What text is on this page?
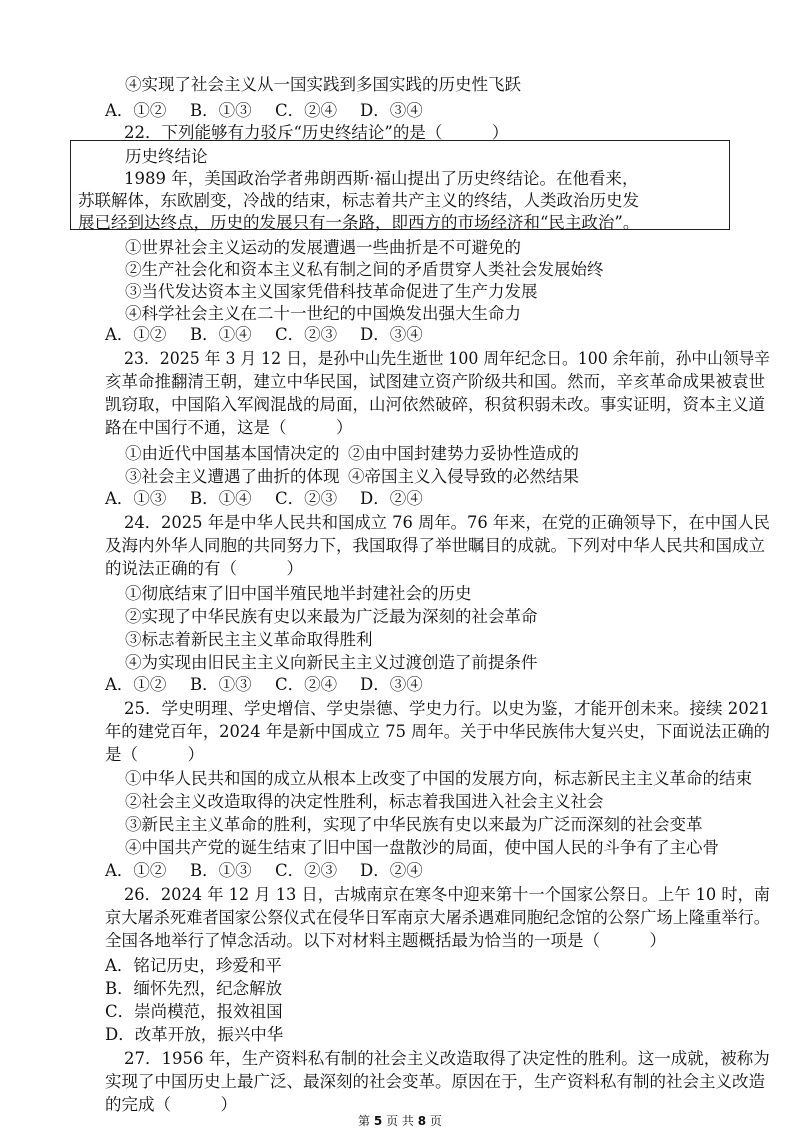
④实现了社会主义从一国实践到多国实践的历史性飞跃
A．①② B．①③ C．②④ D．③④
22．下列能够有力驳斥“历史终结论”的是（　　　）
历史终结论
1989 年，美国政治学者弗朗西斯·福山提出了历史终结论。在他看来，
苏联解体，东欧剧变，冷战的结束，标志着共产主义的终结，人类政治历史发
展已经到达终点，历史的发展只有一条路，即西方的市场经济和“民主政治”。
①世界社会主义运动的发展遭遇一些曲折是不可避免的
②生产社会化和资本主义私有制之间的矛盾贯穿人类社会发展始终
③当代发达资本主义国家凭借科技革命促进了生产力发展
④科学社会主义在二十一世纪的中国焕发出强大生命力
A．①② B．①④ C．②③ D．③④
23．2025 年 3 月 12 日，是孙中山先生逝世 100 周年纪念日。100 余年前，孙中山领导辛
亥革命推翻清王朝，建立中华民国，试图建立资产阶级共和国。然而，辛亥革命成果被袁世
凯窃取，中国陷入军阀混战的局面，山河依然破碎，积贫积弱未改。事实证明，资本主义道
路在中国行不通，这是（　　　）
①由近代中国基本国情决定的 ②由中国封建势力妥协性造成的
③社会主义遭遇了曲折的体现 ④帝国主义入侵导致的必然结果
A．①③ B．①④ C．②③ D．②④
24．2025 年是中华人民共和国成立 76 周年。76 年来，在党的正确领导下，在中国人民
及海内外华人同胞的共同努力下，我国取得了举世瞩目的成就。下列对中华人民共和国成立
的说法正确的有（　　　）
①彻底结束了旧中国半殖民地半封建社会的历史
②实现了中华民族有史以来最为广泛最为深刻的社会革命
③标志着新民主主义革命取得胜利
④为实现由旧民主主义向新民主主义过渡创造了前提条件
A．①② B．①③ C．②④ D．③④
25．学史明理、学史增信、学史崇德、学史力行。以史为鉴，才能开创未来。接续 2021
年的建党百年，2024 年是新中国成立 75 周年。关于中华民族伟大复兴史，下面说法正确的
是（　　　）
①中华人民共和国的成立从根本上改变了中国的发展方向，标志新民主主义革命的结束
②社会主义改造取得的决定性胜利，标志着我国进入社会主义社会
③新民主主义革命的胜利，实现了中华民族有史以来最为广泛而深刻的社会变革
④中国共产党的诞生结束了旧中国一盘散沙的局面，使中国人民的斗争有了主心骨
A．①② B．①③ C．②③ D．②④
26．2024 年 12 月 13 日，古城南京在寒冬中迎来第十一个国家公祭日。上午 10 时，南
京大屠杀死难者国家公祭仪式在侵华日军南京大屠杀遇难同胞纪念馆的公祭广场上隆重举行。
全国各地举行了悼念活动。以下对材料主题概括最为恰当的一项是（　　　）
A．铭记历史，珍爱和平
B．缅怀先烈，纪念解放
C．崇尚模范，报效祖国
D．改革开放，振兴中华
27．1956 年，生产资料私有制的社会主义改造取得了决定性的胜利。这一成就，被称为
实现了中国历史上最广泛、最深刻的社会变革。原因在于，生产资料私有制的社会主义改造
的完成（　　　）
第 5 页 共 8 页
